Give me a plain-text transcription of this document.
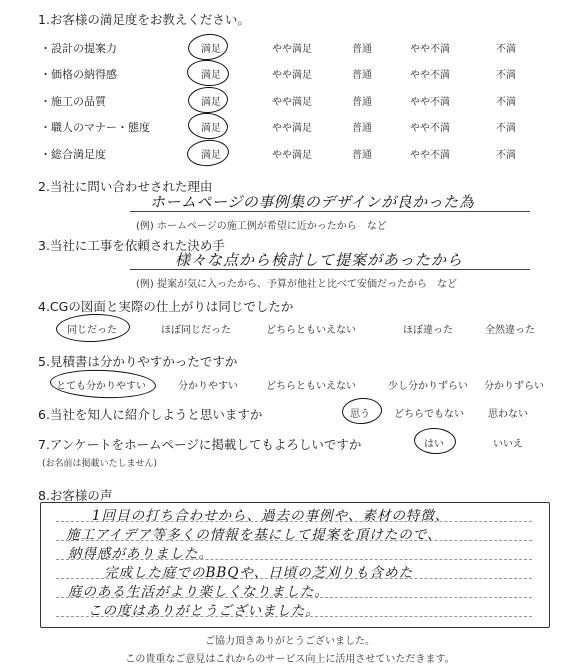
1.お客様の満足度をお教えください。
・設計の提案力	満足	やや満足	普通	やや不満	不満
・価格の納得感	満足	やや満足	普通	やや不満	不満
・施工の品質	満足	やや満足	普通	やや不満	不満
・職人のマナー・態度	満足	やや満足	普通	やや不満	不満
・総合満足度	満足	やや満足	普通	やや不満	不満
2.当社に問い合わせされた理由
ホームページの事例集のデザインが良かった為
(例) ホームページの施工例が希望に近かったから　など
3.当社に工事を依頼された決め手
様々な点から検討して提案があったから
(例) 提案が気に入ったから、予算が他社と比べて安価だったから　など
4.CGの図面と実際の仕上がりは同じでしたか
同じだった	ほぼ同じだった	どちらともいえない	ほぼ違った	全然違った
5.見積書は分かりやすかったですか
とても分かりやすい	分かりやすい	どちらともいえない	少し分かりずらい	分かりずらい
6.当社を知人に紹介しようと思いますか	思う	どちらでもない	思わない
7.アンケートをホームページに掲載してもよろしいですか	はい	いいえ
(お名前は掲載いたしません)
8.お客様の声
1回目の打ち合わせから、過去の事例や、素材の特徴、
施工アイデア等多くの情報を基にして提案を頂けたので、
納得感がありました。
完成した庭でのBBQや、日頃の芝刈りも含めた
庭のある生活がより楽しくなりました。
この度はありがとうございました。
ご協力頂きありがとうございました。
この貴重なご意見はこれからのサービス向上に活用させていただきます。
